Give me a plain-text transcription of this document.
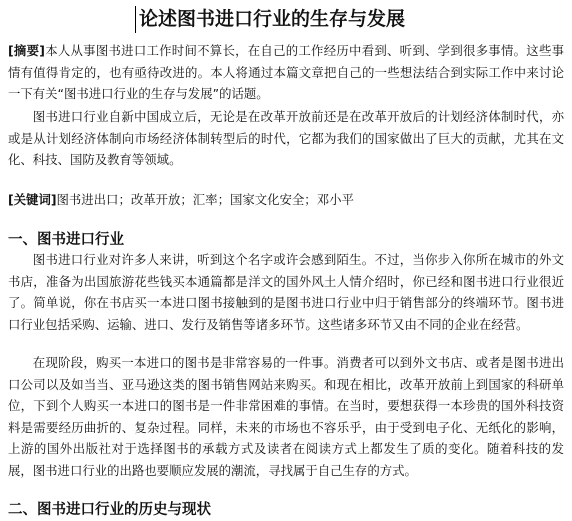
论述图书进口行业的生存与发展

[摘要]本人从事图书进口工作时间不算长，在自己的工作经历中看到、听到、学到很多事情。这些事情有值得肯定的，也有亟待改进的。本人将通过本篇文章把自己的一些想法结合到实际工作中来讨论一下有关“图书进口行业的生存与发展”的话题。

图书进口行业自新中国成立后，无论是在改革开放前还是在改革开放后的计划经济体制时代，亦或是从计划经济体制向市场经济体制转型后的时代，它都为我们的国家做出了巨大的贡献，尤其在文化、科技、国防及教育等领域。

[关键词]图书进出口；改革开放；汇率；国家文化安全；邓小平

一、图书进口行业

图书进口行业对许多人来讲，听到这个名字或许会感到陌生。不过，当你步入你所在城市的外文书店，准备为出国旅游花些钱买本通篇都是洋文的国外风土人情介绍时，你已经和图书进口行业很近了。简单说，你在书店买一本进口图书接触到的是图书进口行业中归于销售部分的终端环节。图书进口行业包括采购、运输、进口、发行及销售等诸多环节。这些诸多环节又由不同的企业在经营。

在现阶段，购买一本进口的图书是非常容易的一件事。消费者可以到外文书店、或者是图书进出口公司以及如当当、亚马逊这类的图书销售网站来购买。和现在相比，改革开放前上到国家的科研单位，下到个人购买一本进口的图书是一件非常困难的事情。在当时，要想获得一本珍贵的国外科技资料是需要经历曲折的、复杂过程。同样，未来的市场也不容乐乎，由于受到电子化、无纸化的影响，上游的国外出版社对于选择图书的承载方式及读者在阅读方式上都发生了质的变化。随着科技的发展，图书进口行业的出路也要顺应发展的潮流，寻找属于自己生存的方式。

二、图书进口行业的历史与现状
